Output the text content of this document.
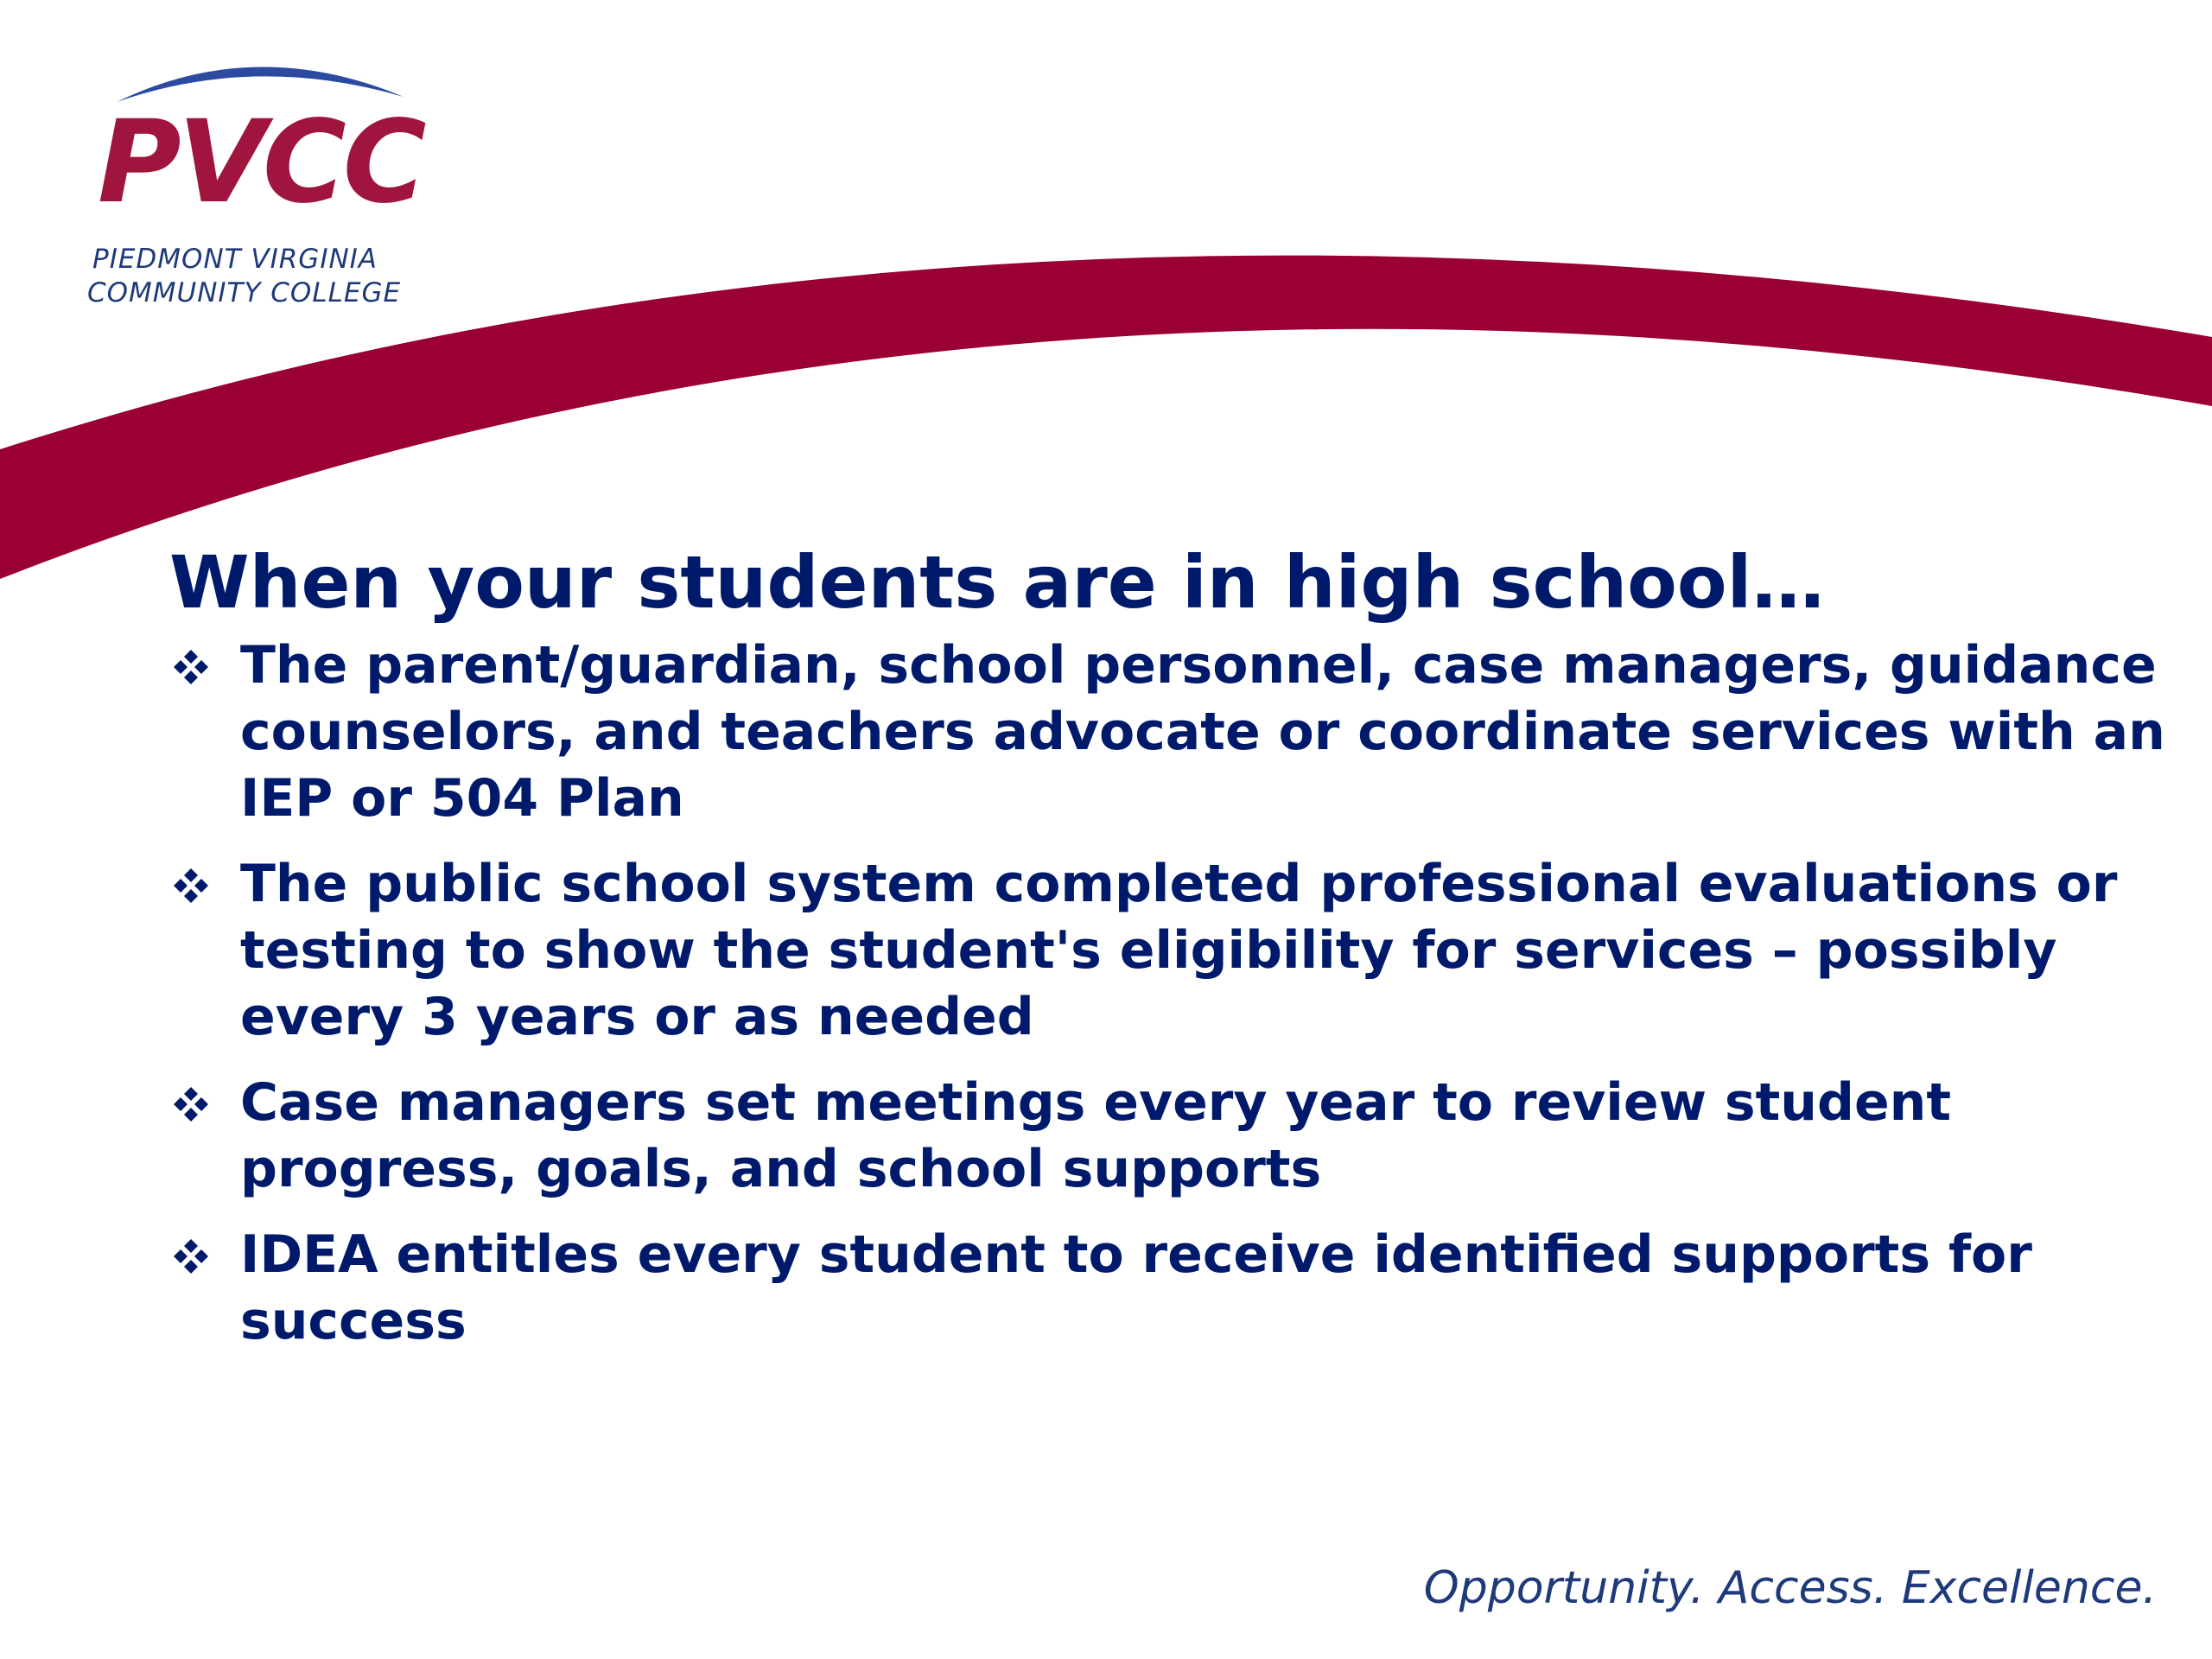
PVCC
PIEDMONT VIRGINIA
COMMUNITY COLLEGE
When your students are in high school…
The parent/guardian, school personnel, case managers, guidance counselors, and teachers advocate or coordinate services with an IEP or 504 Plan
The public school system completed professional evaluations or testing to show the student's eligibility for services – possibly every 3 years or as needed
Case managers set meetings every year to review student progress, goals, and school supports
IDEA entitles every student to receive identified supports for success
Opportunity. Access. Excellence.
